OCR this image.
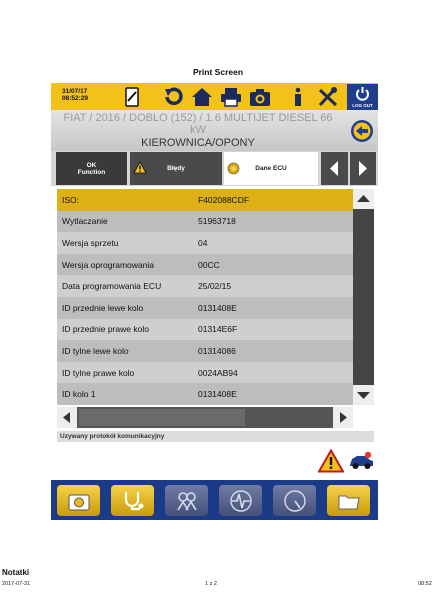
Print Screen
31/07/17
08:52:29
LOG OUT
FIAT / 2016 / DOBLO (152) / 1.6 MULTIJET DIESEL 66 kW
KIEROWNICA/OPONY
OK
Function	Błędy	Dane ECU
ISO:	F402088CDF
Wytlaczanie	51963718
Wersja sprzetu	04
Wersja oprogramowania	00CC
Data programowania ECU	25/02/15
ID przednie lewe kolo	0131408E
ID przednie prawe kolo	01314E6F
ID tylne lewe kolo	01314086
ID tylne prawe kolo	0024AB94
ID kolo 1	0131408E
Uzywany protokół komunikacyjny
Notatki
2017-07-31	1 z 2	08:52
